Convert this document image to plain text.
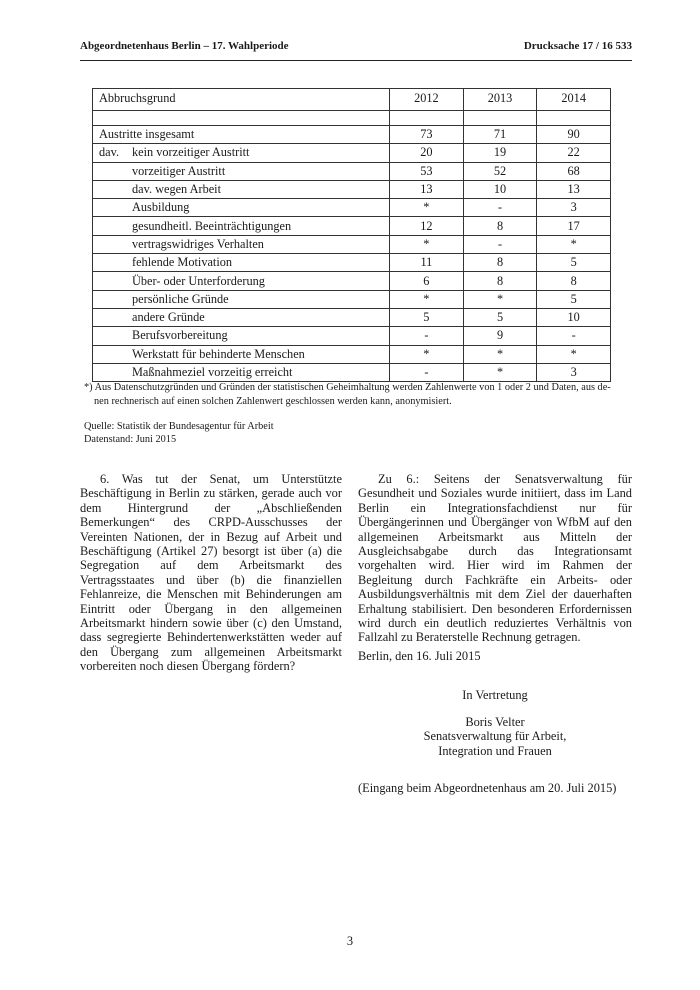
Abgeordnetenhaus Berlin – 17. Wahlperiode	Drucksache 17 / 16 533
Abbruchsgrund	2012	2013	2014

Austritte insgesamt	73	71	90
dav. kein vorzeitiger Austritt	20	19	22
vorzeitiger Austritt	53	52	68
dav. wegen Arbeit	13	10	13
Ausbildung	*	-	3
gesundheitl. Beeinträchtigungen	12	8	17
vertragswidriges Verhalten	*	-	*
fehlende Motivation	11	8	5
Über- oder Unterforderung	6	8	8
persönliche Gründe	*	*	5
andere Gründe	5	5	10
Berufsvorbereitung	-	9	-
Werkstatt für behinderte Menschen	*	*	*
Maßnahmeziel vorzeitig erreicht	-	*	3
*) Aus Datenschutzgründen und Gründen der statistischen Geheimhaltung werden Zahlenwerte von 1 oder 2 und Daten, aus de-
nen rechnerisch auf einen solchen Zahlenwert geschlossen werden kann, anonymisiert.
Quelle: Statistik der Bundesagentur für Arbeit
Datenstand: Juni 2015

6. Was tut der Senat, um Unterstützte Beschäftigung in Berlin zu stärken, gerade auch vor dem Hintergrund der „Abschließenden Bemerkungen“ des CRPD-Ausschusses der Vereinten Nationen, der in Bezug auf Arbeit und Beschäftigung (Artikel 27) besorgt ist über (a) die Segregation auf dem Arbeitsmarkt des Vertragsstaates und über (b) die finanziellen Fehlanreize, die Menschen mit Behinderungen am Eintritt oder Übergang in den allgemeinen Arbeitsmarkt hindern sowie über (c) den Umstand, dass segregierte Behindertenwerkstätten weder auf den Übergang zum allgemeinen Arbeitsmarkt vorbereiten noch diesen Übergang fördern?

Zu 6.: Seitens der Senatsverwaltung für Gesundheit und Soziales wurde initiiert, dass im Land Berlin ein Integrationsfachdienst nur für Übergängerinnen und Übergänger von WfbM auf den allgemeinen Arbeitsmarkt aus Mitteln der Ausgleichsabgabe durch das Integrationsamt vorgehalten wird. Hier wird im Rahmen der Begleitung durch Fachkräfte ein Arbeits- oder Ausbildungsverhältnis mit dem Ziel der dauerhaften Erhaltung stabilisiert. Den besonderen Erfordernissen wird durch ein deutlich reduziertes Verhältnis von Fallzahl zu Beraterstelle Rechnung getragen.

Berlin, den 16. Juli 2015
In Vertretung
Boris Velter
Senatsverwaltung für Arbeit,
Integration und Frauen
(Eingang beim Abgeordnetenhaus am 20. Juli 2015)
3
